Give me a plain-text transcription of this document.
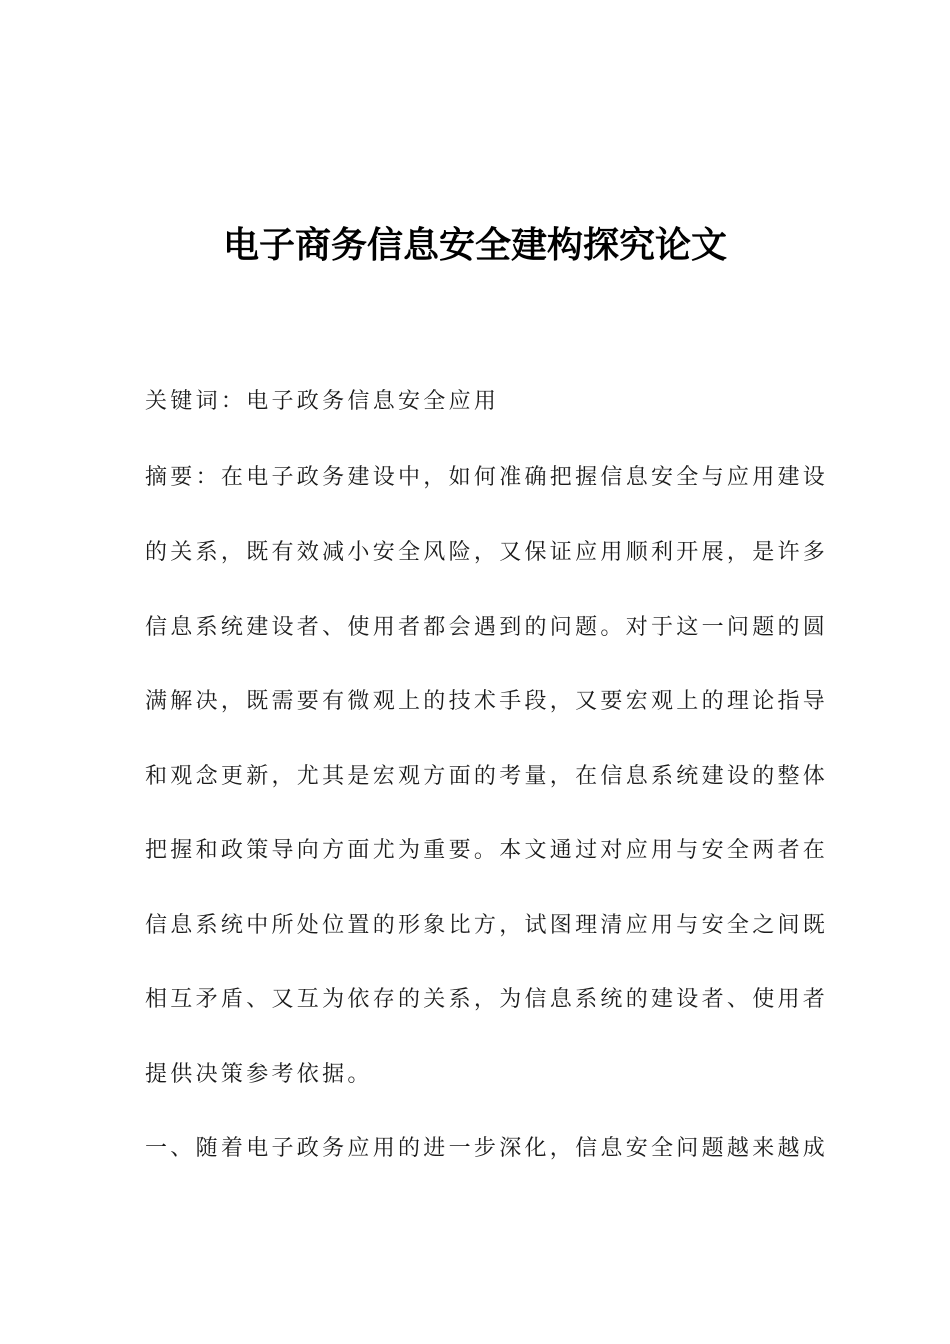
电子商务信息安全建构探究论文
关键词：电子政务信息安全应用
摘要：在电子政务建设中，如何准确把握信息安全与应用建设
的关系，既有效减小安全风险，又保证应用顺利开展，是许多
信息系统建设者、使用者都会遇到的问题。对于这一问题的圆
满解决，既需要有微观上的技术手段，又要宏观上的理论指导
和观念更新，尤其是宏观方面的考量，在信息系统建设的整体
把握和政策导向方面尤为重要。本文通过对应用与安全两者在
信息系统中所处位置的形象比方，试图理清应用与安全之间既
相互矛盾、又互为依存的关系，为信息系统的建设者、使用者
提供决策参考依据。
一、随着电子政务应用的进一步深化，信息安全问题越来越成
